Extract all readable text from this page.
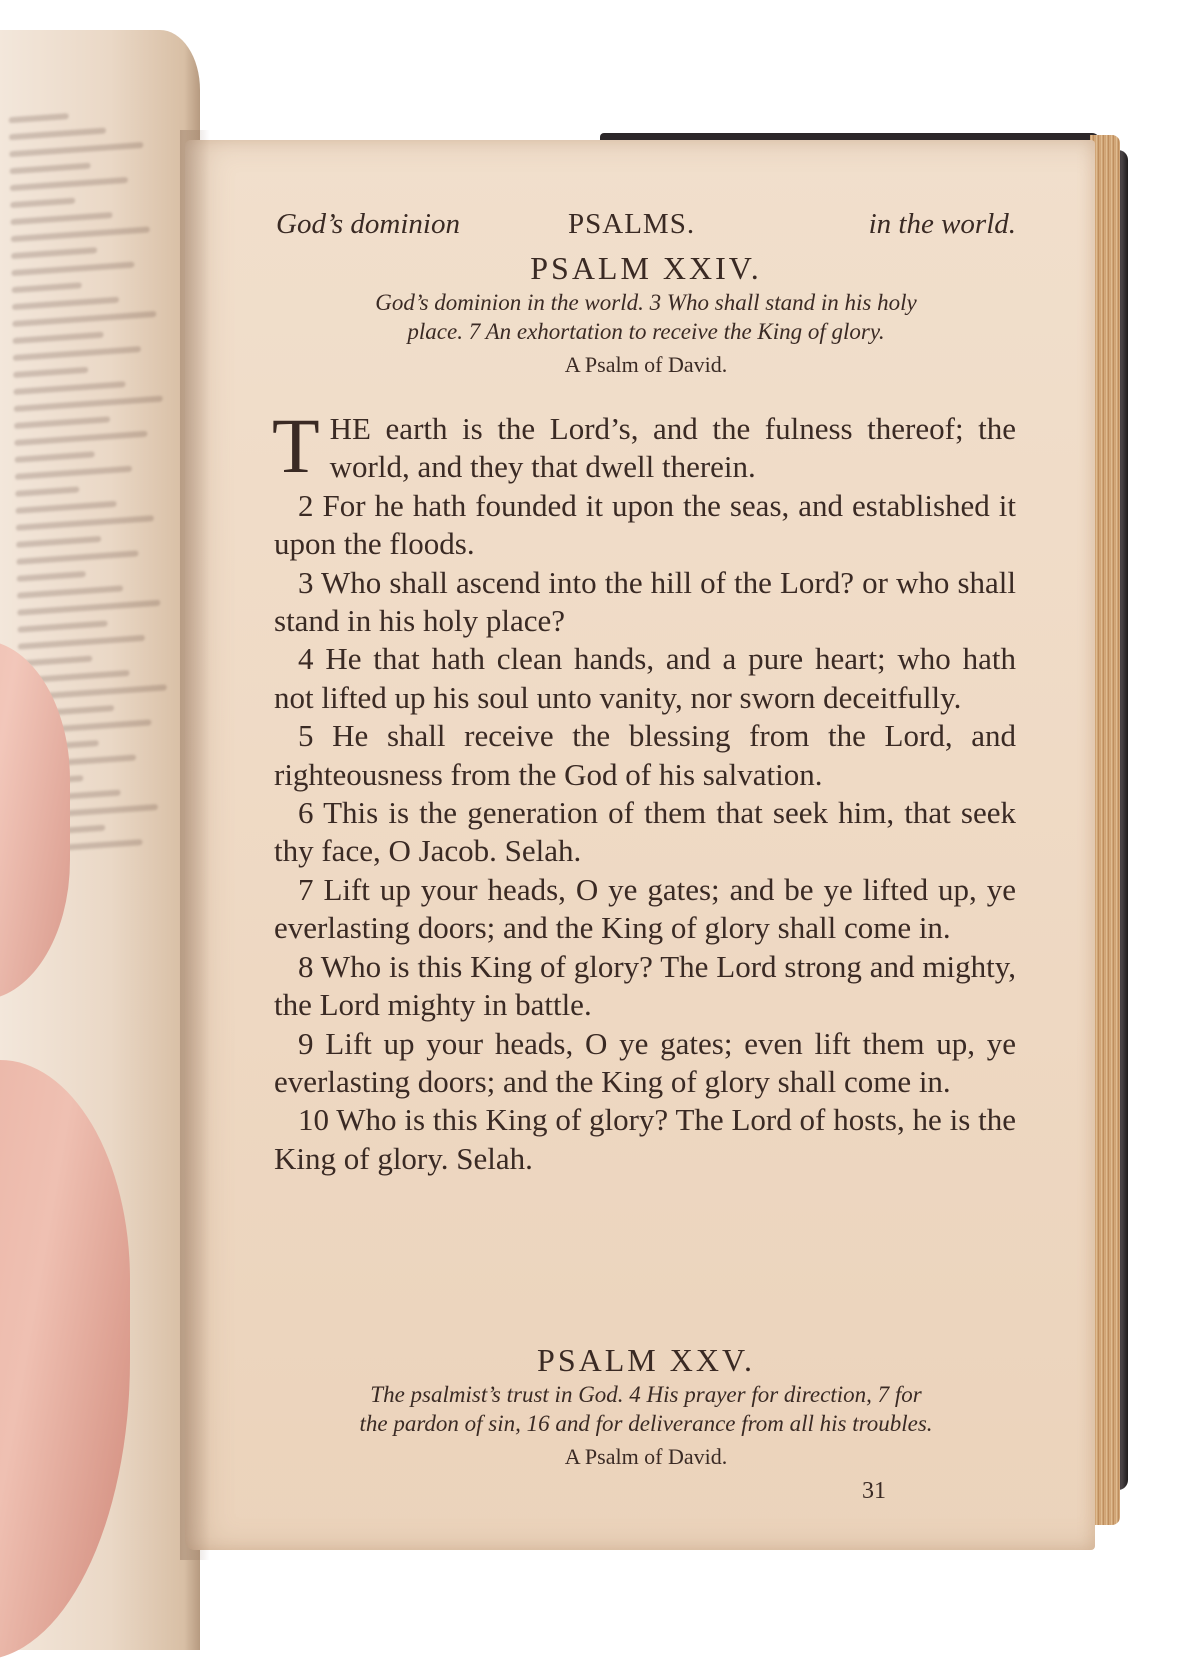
God’s dominion	PSALMS.	in the world.
PSALM XXIV.
God’s dominion in the world. 3 Who shall stand in his holy
place. 7 An exhortation to receive the King of glory.
A Psalm of David.

THE earth is the Lord’s, and the fulness thereof; the world, and they that dwell therein.

2 For he hath founded it upon the seas, and established it upon the floods.

3 Who shall ascend into the hill of the Lord? or who shall stand in his holy place?

4 He that hath clean hands, and a pure heart; who hath not lifted up his soul unto vanity, nor sworn deceitfully.

5 He shall receive the blessing from the Lord, and righteousness from the God of his salvation.

6 This is the generation of them that seek him, that seek thy face, O Jacob. Selah.

7 Lift up your heads, O ye gates; and be ye lifted up, ye everlasting doors; and the King of glory shall come in.

8 Who is this King of glory? The Lord strong and mighty, the Lord mighty in battle.

9 Lift up your heads, O ye gates; even lift them up, ye everlasting doors; and the King of glory shall come in.

10 Who is this King of glory? The Lord of hosts, he is the King of glory. Selah.

PSALM XXV.
The psalmist’s trust in God. 4 His prayer for direction, 7 for
the pardon of sin, 16 and for deliverance from all his troubles.
A Psalm of David.
31
